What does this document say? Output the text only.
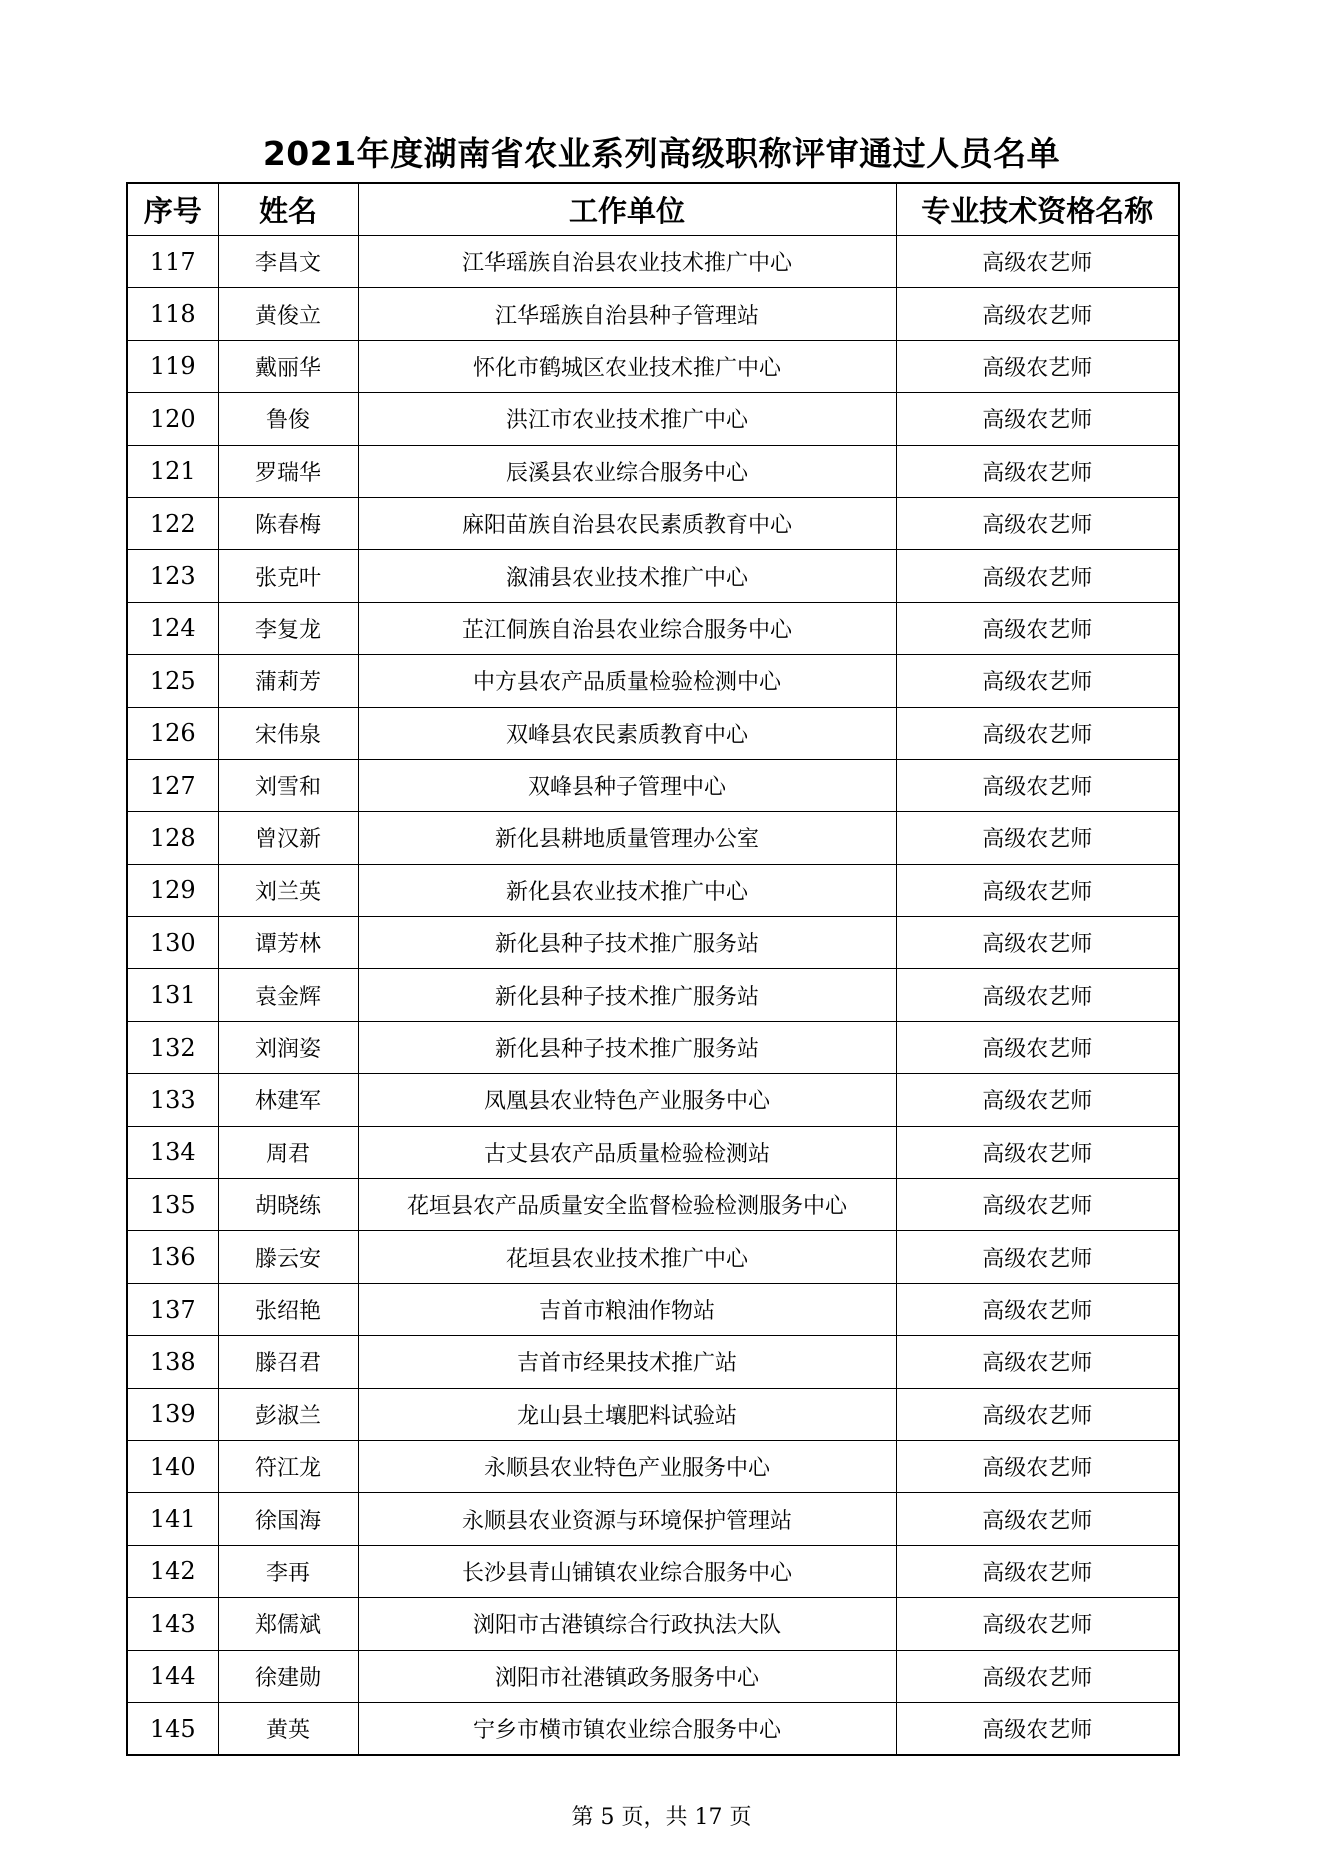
2021年度湖南省农业系列高级职称评审通过人员名单
序号	姓名	工作单位	专业技术资格名称
117	李昌文	江华瑶族自治县农业技术推广中心	高级农艺师
118	黄俊立	江华瑶族自治县种子管理站	高级农艺师
119	戴丽华	怀化市鹤城区农业技术推广中心	高级农艺师
120	鲁俊	洪江市农业技术推广中心	高级农艺师
121	罗瑞华	辰溪县农业综合服务中心	高级农艺师
122	陈春梅	麻阳苗族自治县农民素质教育中心	高级农艺师
123	张克叶	溆浦县农业技术推广中心	高级农艺师
124	李复龙	芷江侗族自治县农业综合服务中心	高级农艺师
125	蒲莉芳	中方县农产品质量检验检测中心	高级农艺师
126	宋伟泉	双峰县农民素质教育中心	高级农艺师
127	刘雪和	双峰县种子管理中心	高级农艺师
128	曾汉新	新化县耕地质量管理办公室	高级农艺师
129	刘兰英	新化县农业技术推广中心	高级农艺师
130	谭芳林	新化县种子技术推广服务站	高级农艺师
131	袁金辉	新化县种子技术推广服务站	高级农艺师
132	刘润姿	新化县种子技术推广服务站	高级农艺师
133	林建军	凤凰县农业特色产业服务中心	高级农艺师
134	周君	古丈县农产品质量检验检测站	高级农艺师
135	胡晓练	花垣县农产品质量安全监督检验检测服务中心	高级农艺师
136	滕云安	花垣县农业技术推广中心	高级农艺师
137	张绍艳	吉首市粮油作物站	高级农艺师
138	滕召君	吉首市经果技术推广站	高级农艺师
139	彭淑兰	龙山县土壤肥料试验站	高级农艺师
140	符江龙	永顺县农业特色产业服务中心	高级农艺师
141	徐国海	永顺县农业资源与环境保护管理站	高级农艺师
142	李再	长沙县青山铺镇农业综合服务中心	高级农艺师
143	郑儒斌	浏阳市古港镇综合行政执法大队	高级农艺师
144	徐建勋	浏阳市社港镇政务服务中心	高级农艺师
145	黄英	宁乡市横市镇农业综合服务中心	高级农艺师
第 5 页，共 17 页
